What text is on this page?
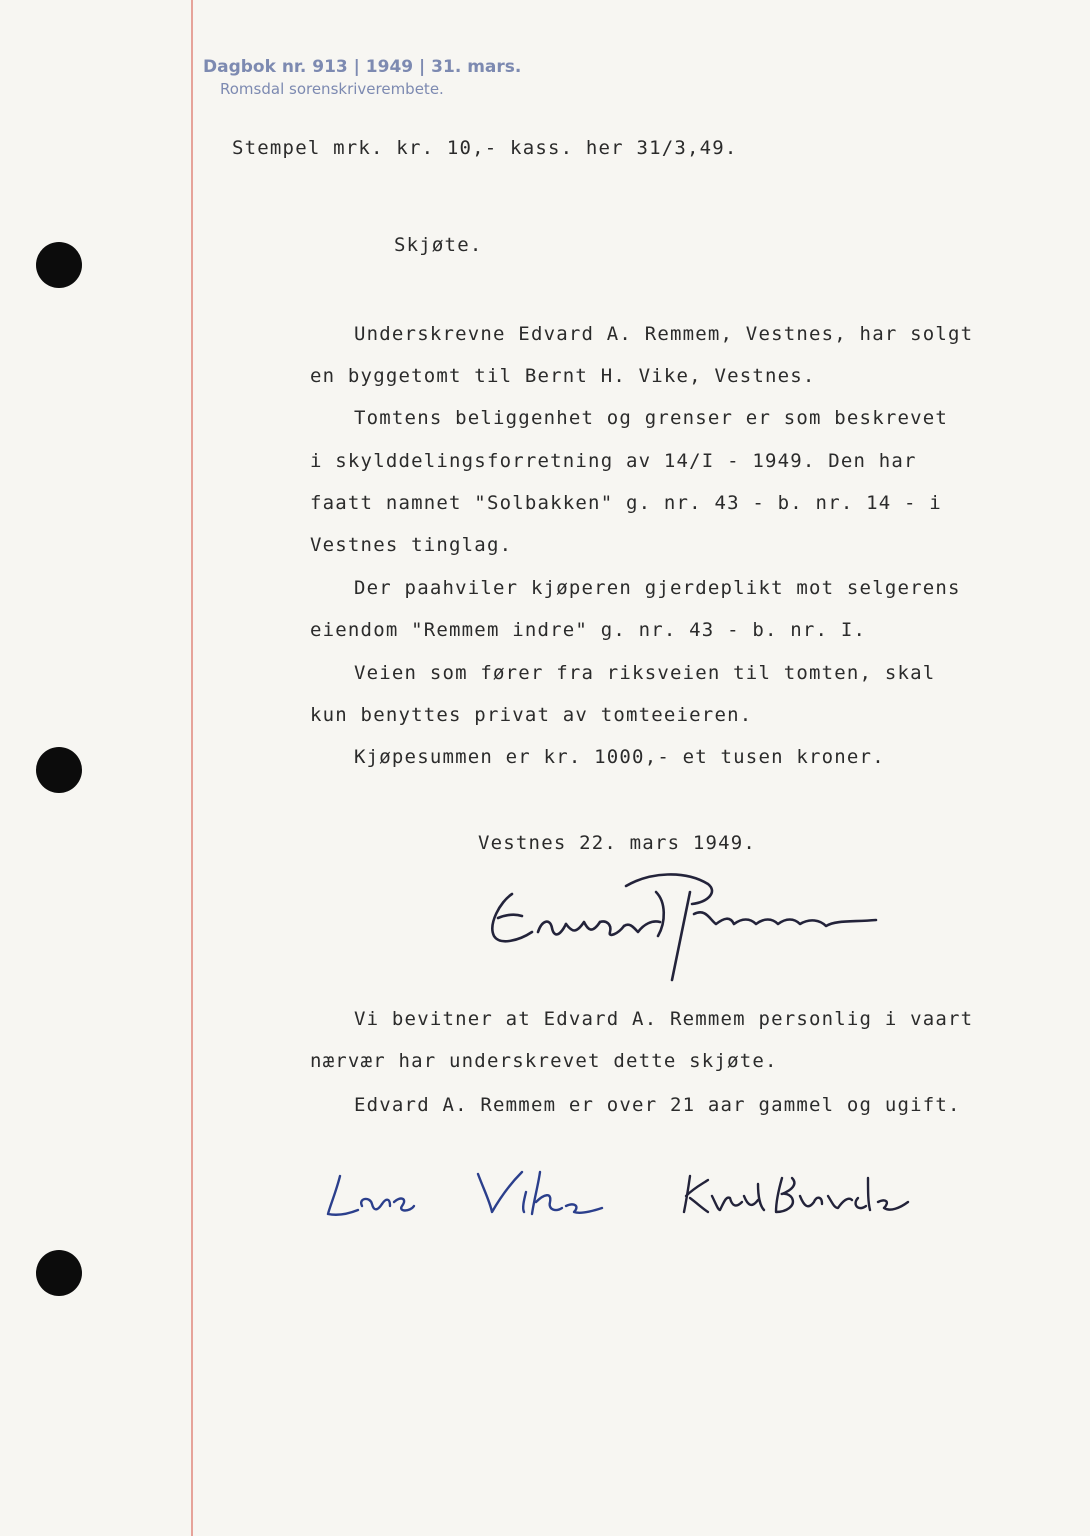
Dagbok nr. 913 | 1949 | 31. mars.
Romsdal sorenskriverembete.
Stempel mrk. kr. 10,- kass. her 31/3,49.
Skjøte.
Underskrevne Edvard A. Remmem, Vestnes, har solgt
en byggetomt til Bernt H. Vike, Vestnes.
Tomtens beliggenhet og grenser er som beskrevet
i skylddelingsforretning av 14/I - 1949. Den har
faatt namnet "Solbakken" g. nr. 43 - b. nr. 14 - i
Vestnes tinglag.
Der paahviler kjøperen gjerdeplikt mot selgerens
eiendom "Remmem indre" g. nr. 43 - b. nr. I.
Veien som fører fra riksveien til tomten, skal
kun benyttes privat av tomteeieren.
Kjøpesummen er kr. 1000,- et tusen kroner.
Vestnes 22. mars 1949.
Vi bevitner at Edvard A. Remmem personlig i vaart
nærvær har underskrevet dette skjøte.
Edvard A. Remmem er over 21 aar gammel og ugift.
